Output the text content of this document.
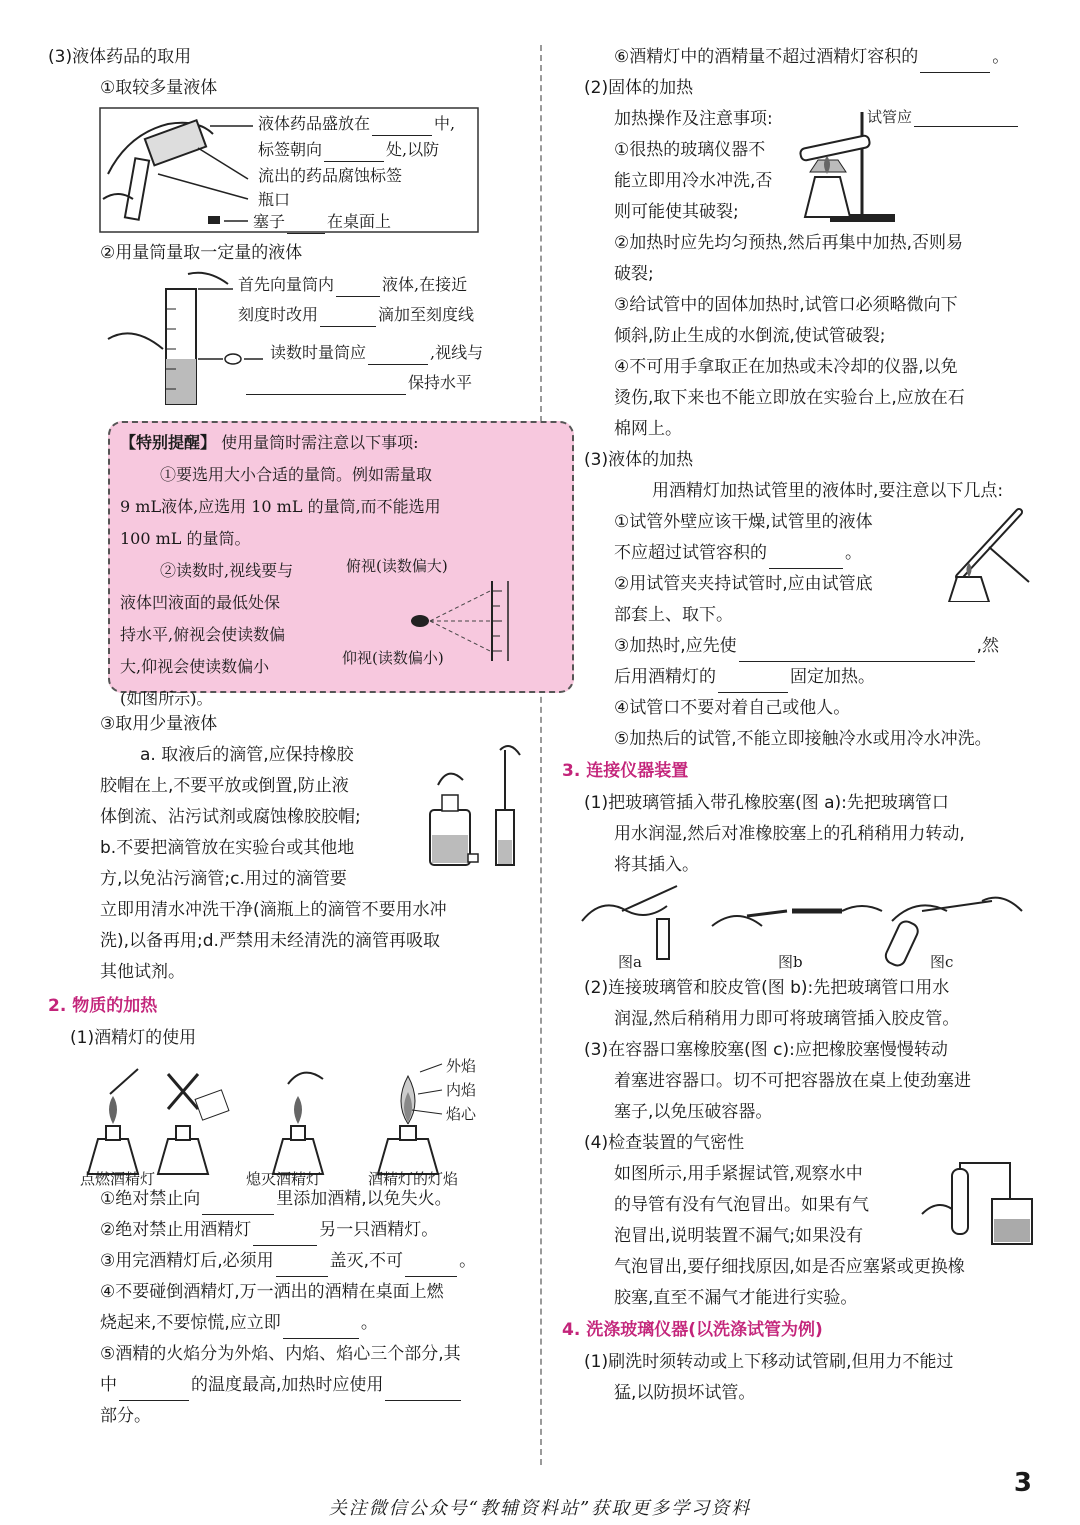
(3)液体药品的取用
①取较多量液体
液体药品盛放在	中,
标签朝向	处,以防
流出的药品腐蚀标签
瓶口
塞子	在桌面上
②用量筒量取一定量的液体
首先向量筒内	液体,在接近
刻度时改用	滴加至刻度线
读数时量筒应	,视线与
保持水平
【特别提醒】 使用量筒时需注意以下事项:
①要选用大小合适的量筒。例如需量取
9 mL液体,应选用 10 mL 的量筒,而不能选用
100 mL 的量筒。
②读数时,视线要与
液体凹液面的最低处保
持水平,俯视会使读数偏
大,仰视会使读数偏小
(如图所示)。
俯视(读数偏大)
仰视(读数偏小)
③取用少量液体
a. 取液后的滴管,应保持橡胶
胶帽在上,不要平放或倒置,防止液
体倒流、沾污试剂或腐蚀橡胶胶帽;
b.不要把滴管放在实验台或其他地
方,以免沾污滴管;c.用过的滴管要
立即用清水冲洗干净(滴瓶上的滴管不要用水冲
洗),以备再用;d.严禁用未经清洗的滴管再吸取
其他试剂。
2. 物质的加热
(1)酒精灯的使用
外焰
内焰
焰心
点燃酒精灯	熄灭酒精灯	酒精灯的灯焰
①绝对禁止向	里添加酒精,以免失火。
②绝对禁止用酒精灯	另一只酒精灯。
③用完酒精灯后,必须用	盖灭,不可	。
④不要碰倒酒精灯,万一洒出的酒精在桌面上燃
烧起来,不要惊慌,应立即	。
⑤酒精的火焰分为外焰、内焰、焰心三个部分,其
中	的温度最高,加热时应使用
部分。
⑥酒精灯中的酒精量不超过酒精灯容积的	。
(2)固体的加热
加热操作及注意事项:
①很热的玻璃仪器不
能立即用冷水冲洗,否
则可能使其破裂;
试管应
②加热时应先均匀预热,然后再集中加热,否则易
破裂;
③给试管中的固体加热时,试管口必须略微向下
倾斜,防止生成的水倒流,使试管破裂;
④不可用手拿取正在加热或未冷却的仪器,以免
烫伤,取下来也不能立即放在实验台上,应放在石
棉网上。
(3)液体的加热
用酒精灯加热试管里的液体时,要注意以下几点:
①试管外壁应该干燥,试管里的液体
不应超过试管容积的	。
②用试管夹夹持试管时,应由试管底
部套上、取下。
③加热时,应先使	,然
后用酒精灯的	固定加热。
④试管口不要对着自己或他人。
⑤加热后的试管,不能立即接触冷水或用冷水冲洗。
3. 连接仪器装置
(1)把玻璃管插入带孔橡胶塞(图 a):先把玻璃管口
用水润湿,然后对准橡胶塞上的孔稍稍用力转动,
将其插入。
图a	图b	图c
(2)连接玻璃管和胶皮管(图 b):先把玻璃管口用水
润湿,然后稍稍用力即可将玻璃管插入胶皮管。
(3)在容器口塞橡胶塞(图 c):应把橡胶塞慢慢转动
着塞进容器口。切不可把容器放在桌上使劲塞进
塞子,以免压破容器。
(4)检查装置的气密性
如图所示,用手紧握试管,观察水中
的导管有没有气泡冒出。如果有气
泡冒出,说明装置不漏气;如果没有
气泡冒出,要仔细找原因,如是否应塞紧或更换橡
胶塞,直至不漏气才能进行实验。
4. 洗涤玻璃仪器(以洗涤试管为例)
(1)刷洗时须转动或上下移动试管刷,但用力不能过
猛,以防损坏试管。
3
关注微信公众号“教辅资料站”获取更多学习资料
